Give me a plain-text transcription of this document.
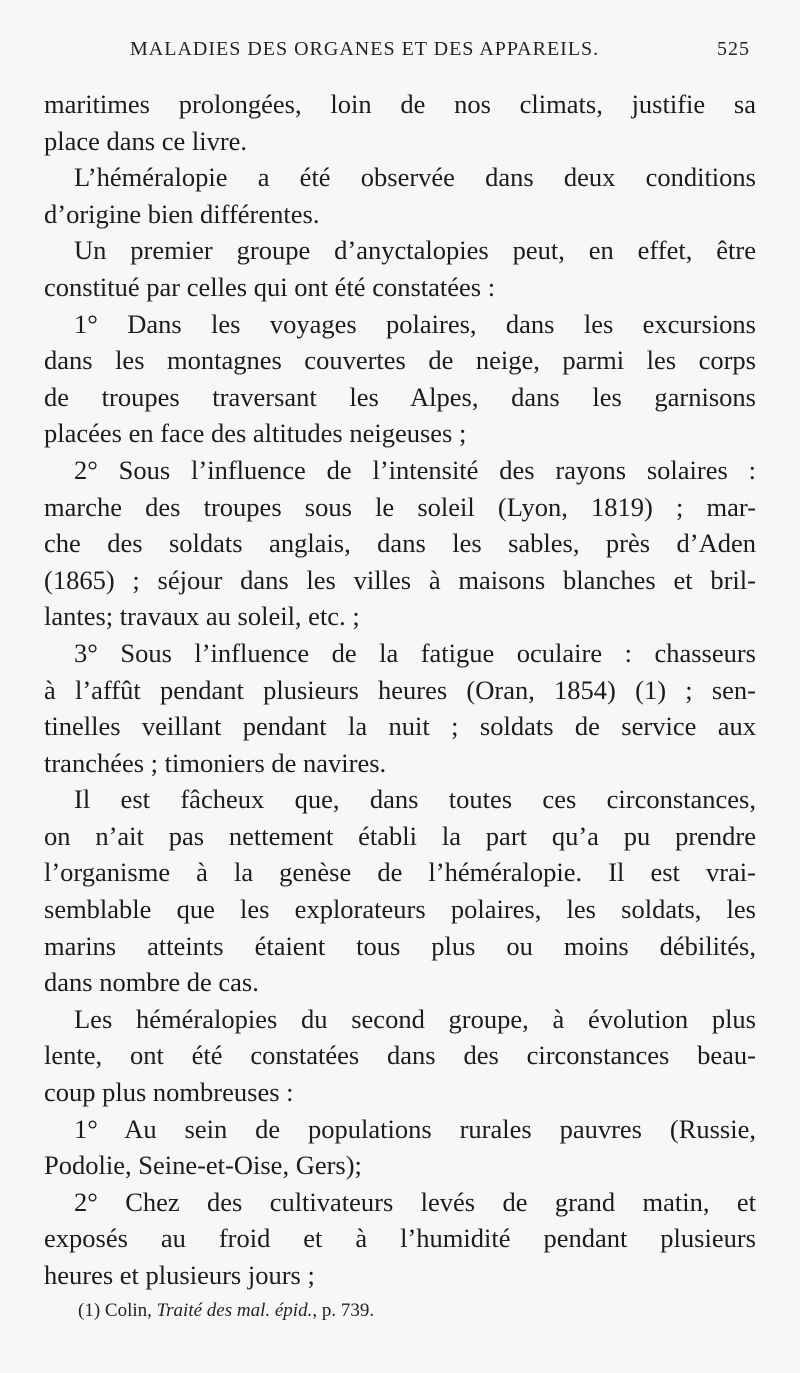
MALADIES DES ORGANES ET DES APPAREILS.	525
maritimes prolongées, loin de nos climats, justifie sa
place dans ce livre.
L’héméralopie a été observée dans deux conditions
d’origine bien différentes.
Un premier groupe d’anyctalopies peut, en effet, être
constitué par celles qui ont été constatées :
1° Dans les voyages polaires, dans les excursions
dans les montagnes couvertes de neige, parmi les corps
de troupes traversant les Alpes, dans les garnisons
placées en face des altitudes neigeuses ;
2° Sous l’influence de l’intensité des rayons solaires :
marche des troupes sous le soleil (Lyon, 1819) ; mar-
che des soldats anglais, dans les sables, près d’Aden
(1865) ; séjour dans les villes à maisons blanches et bril-
lantes; travaux au soleil, etc. ;
3° Sous l’influence de la fatigue oculaire : chasseurs
à l’affût pendant plusieurs heures (Oran, 1854) (1) ; sen-
tinelles veillant pendant la nuit ; soldats de service aux
tranchées ; timoniers de navires.
Il est fâcheux que, dans toutes ces circonstances,
on n’ait pas nettement établi la part qu’a pu prendre
l’organisme à la genèse de l’héméralopie. Il est vrai-
semblable que les explorateurs polaires, les soldats, les
marins atteints étaient tous plus ou moins débilités,
dans nombre de cas.
Les héméralopies du second groupe, à évolution plus
lente, ont été constatées dans des circonstances beau-
coup plus nombreuses :
1° Au sein de populations rurales pauvres (Russie,
Podolie, Seine-et-Oise, Gers);
2° Chez des cultivateurs levés de grand matin, et
exposés au froid et à l’humidité pendant plusieurs
heures et plusieurs jours ;
(1) Colin, Traité des mal. épid., p. 739.
